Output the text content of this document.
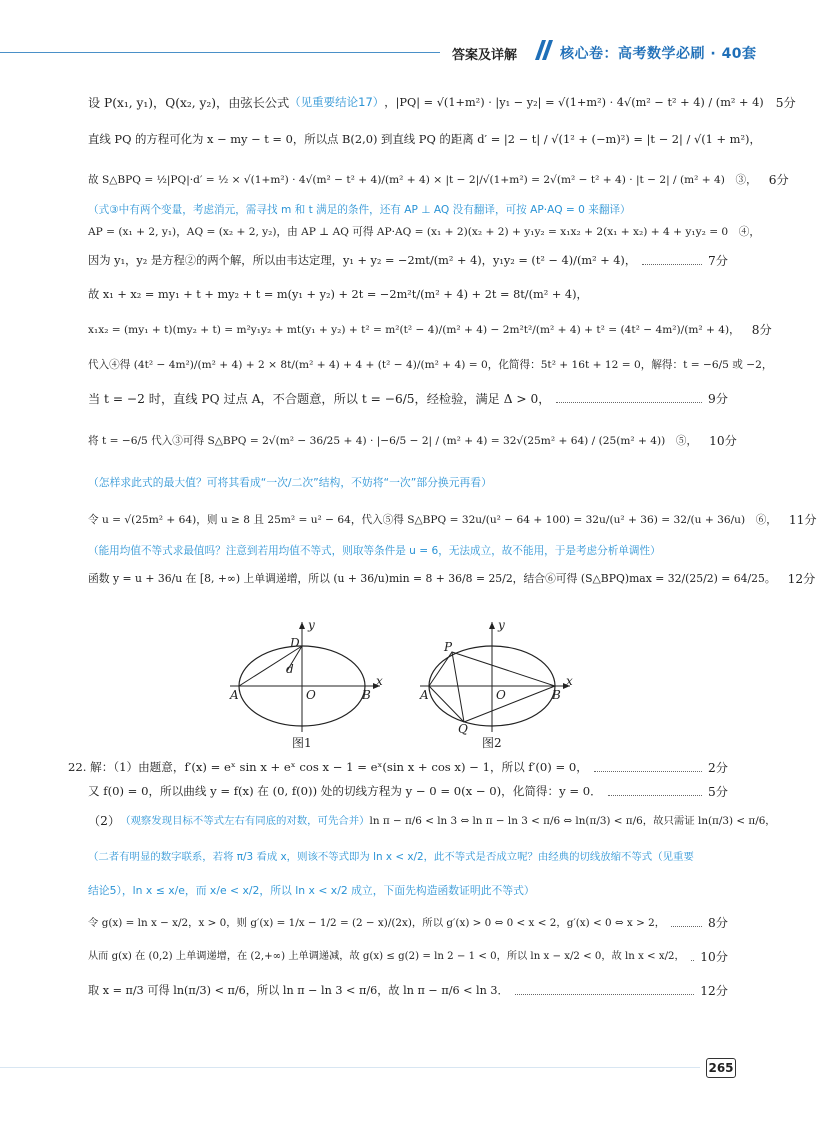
答案及详解	核心卷：高考数学必刷 · 40套
设 P(x₁, y₁)，Q(x₂, y₂)，由弦长公式 （见重要结论17） ，|PQ| = √(1+m²) · |y₁ − y₂| = √(1+m²) · 4√(m² − t² + 4) / (m² + 4) 5分
直线 PQ 的方程可化为 x − my − t = 0，所以点 B(2,0) 到直线 PQ 的距离 d′ = |2 − t| / √(1² + (−m)²) = |t − 2| / √(1 + m²)，
故 S△BPQ = ½|PQ|·d′ = ½ × √(1+m²) · 4√(m² − t² + 4)/(m² + 4) × |t − 2|/√(1+m²) = 2√(m² − t² + 4) · |t − 2| / (m² + 4)　③， 6分
（式③中有两个变量，考虑消元，需寻找 m 和 t 满足的条件，还有 AP ⊥ AQ 没有翻译，可按 AP·AQ = 0 来翻译）
AP = (x₁ + 2, y₁)，AQ = (x₂ + 2, y₂)，由 AP ⊥ AQ 可得 AP·AQ = (x₁ + 2)(x₂ + 2) + y₁y₂ = x₁x₂ + 2(x₁ + x₂) + 4 + y₁y₂ = 0　④，
因为 y₁，y₂ 是方程②的两个解，所以由韦达定理，y₁ + y₂ = −2mt/(m² + 4)，y₁y₂ = (t² − 4)/(m² + 4)，	7分
故 x₁ + x₂ = my₁ + t + my₂ + t = m(y₁ + y₂) + 2t = −2m²t/(m² + 4) + 2t = 8t/(m² + 4)，
x₁x₂ = (my₁ + t)(my₂ + t) = m²y₁y₂ + mt(y₁ + y₂) + t² = m²(t² − 4)/(m² + 4) − 2m²t²/(m² + 4) + t² = (4t² − 4m²)/(m² + 4)， 8分
代入④得 (4t² − 4m²)/(m² + 4) + 2 × 8t/(m² + 4) + 4 + (t² − 4)/(m² + 4) = 0，化简得：5t² + 16t + 12 = 0，解得：t = −6/5 或 −2，
当 t = −2 时，直线 PQ 过点 A，不合题意，所以 t = −6/5，经检验，满足 Δ > 0，	9分
将 t = −6/5 代入③可得 S△BPQ = 2√(m² − 36/25 + 4) · |−6/5 − 2| / (m² + 4) = 32√(25m² + 64) / (25(m² + 4))　⑤， 10分
（怎样求此式的最大值？可将其看成“一次/二次”结构，不妨将“一次”部分换元再看）
令 u = √(25m² + 64)，则 u ≥ 8 且 25m² = u² − 64，代入⑤得 S△BPQ = 32u/(u² − 64 + 100) = 32u/(u² + 36) = 32/(u + 36/u)　⑥， 11分
（能用均值不等式求最值吗？注意到若用均值不等式，则取等条件是 u = 6，无法成立，故不能用，于是考虑分析单调性）
函数 y = u + 36/u 在 [8, +∞) 上单调递增，所以 (u + 36/u)min = 8 + 36/8 = 25/2，结合⑥可得 (S△BPQ)max = 32/(25/2) = 64/25。 12分
D
d
A	O	B
x
y
图1
P
A	O	B
Q
x
y
图2
22. 解：（1）由题意，f′(x) = eˣ sin x + eˣ cos x − 1 = eˣ(sin x + cos x) − 1，所以 f′(0) = 0，	2分
又 f(0) = 0，所以曲线 y = f(x) 在 (0, f(0)) 处的切线方程为 y − 0 = 0(x − 0)，化简得：y = 0．	5分
（2） （观察发现目标不等式左右有同底的对数，可先合并） ln π − π/6 < ln 3 ⇔ ln π − ln 3 < π/6 ⇔ ln(π/3) < π/6，故只需证 ln(π/3) < π/6，
（二者有明显的数字联系，若将 π/3 看成 x，则该不等式即为 ln x < x/2，此不等式是否成立呢？由经典的切线放缩不等式（见重要
结论5），ln x ≤ x/e，而 x/e < x/2，所以 ln x < x/2 成立，下面先构造函数证明此不等式）
令 g(x) = ln x − x/2，x > 0，则 g′(x) = 1/x − 1/2 = (2 − x)/(2x)，所以 g′(x) > 0 ⇔ 0 < x < 2，g′(x) < 0 ⇔ x > 2，	8分
从而 g(x) 在 (0,2) 上单调递增，在 (2,+∞) 上单调递减，故 g(x) ≤ g(2) = ln 2 − 1 < 0，所以 ln x − x/2 < 0，故 ln x < x/2， 10分
取 x = π/3 可得 ln(π/3) < π/6，所以 ln π − ln 3 < π/6，故 ln π − π/6 < ln 3．	12分
265
